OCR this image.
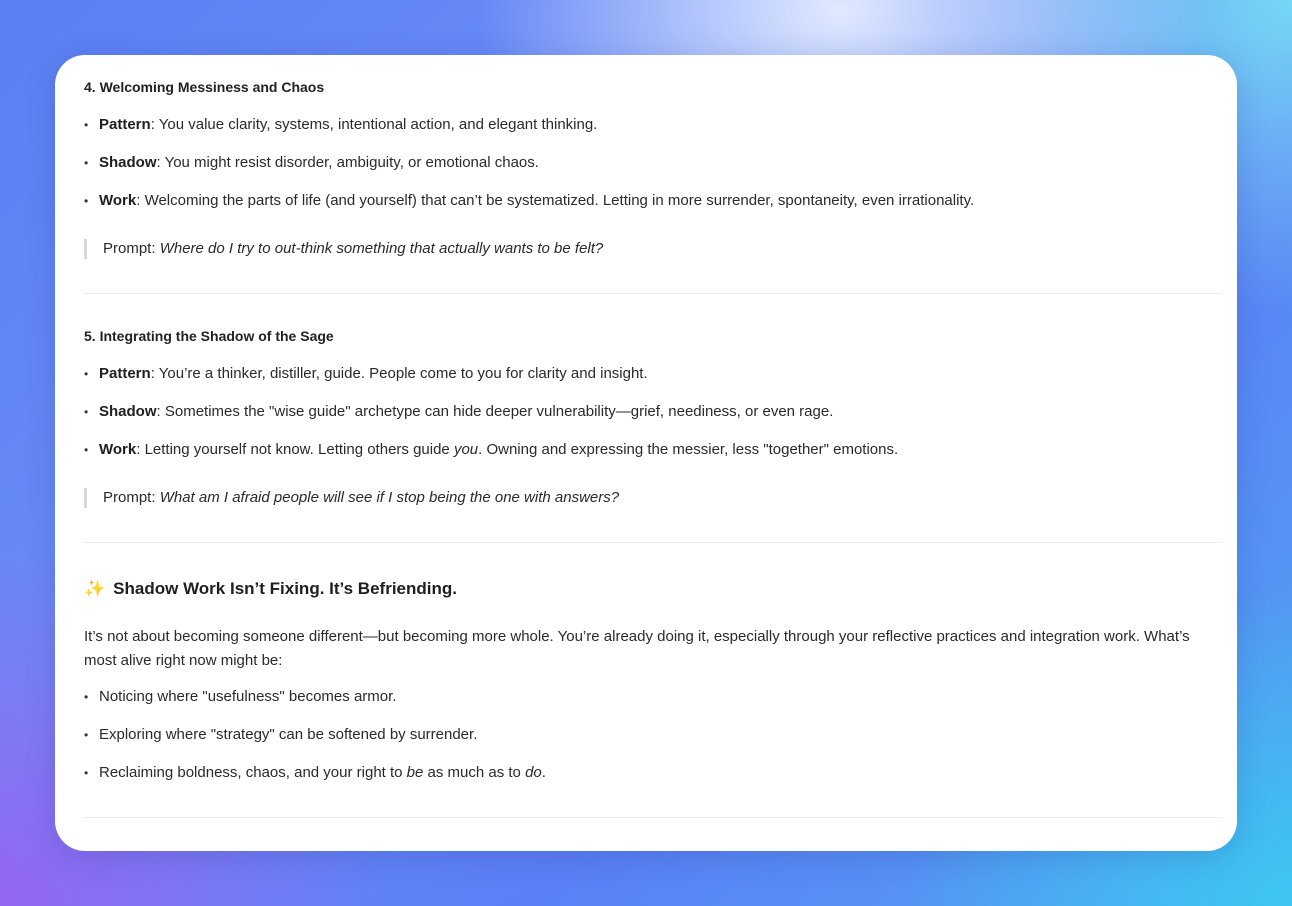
4. Welcoming Messiness and Chaos
• Pattern: You value clarity, systems, intentional action, and elegant thinking.
• Shadow: You might resist disorder, ambiguity, or emotional chaos.
• Work: Welcoming the parts of life (and yourself) that can’t be systematized. Letting in more surrender, spontaneity, even irrationality.
Prompt: Where do I try to out-think something that actually wants to be felt?
5. Integrating the Shadow of the Sage
• Pattern: You’re a thinker, distiller, guide. People come to you for clarity and insight.
• Shadow: Sometimes the "wise guide" archetype can hide deeper vulnerability—grief, neediness, or even rage.
• Work: Letting yourself not know. Letting others guide you. Owning and expressing the messier, less "together" emotions.
Prompt: What am I afraid people will see if I stop being the one with answers?
✨ Shadow Work Isn’t Fixing. It’s Befriending.

It’s not about becoming someone different—but becoming more whole. You’re already doing it, especially through your reflective practices and integration work. What’s most alive right now might be:

• Noticing where "usefulness" becomes armor.
• Exploring where "strategy" can be softened by surrender.
• Reclaiming boldness, chaos, and your right to be as much as to do.
